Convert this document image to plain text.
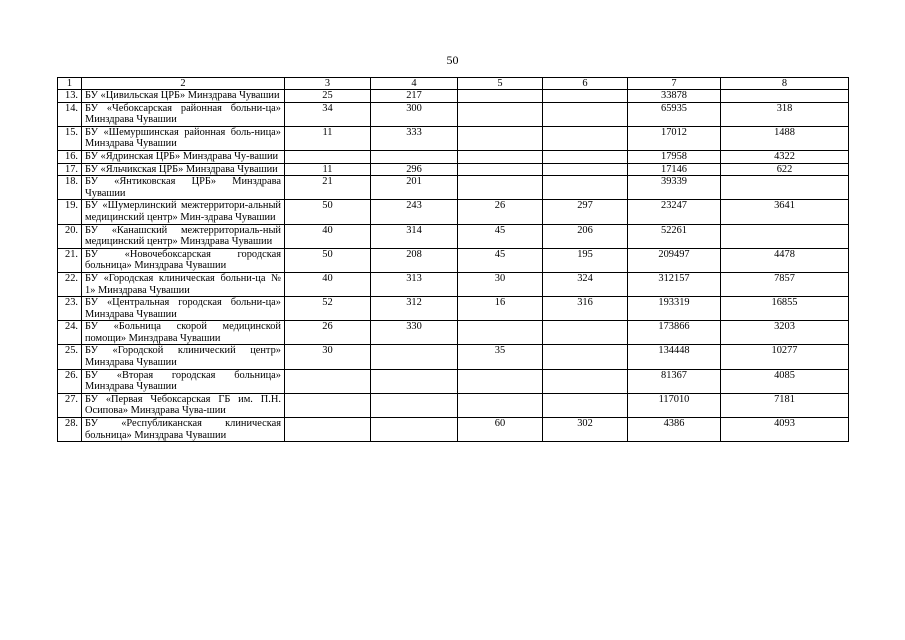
50
1	2	3	4	5	6	7	8
13.	БУ «Цивильская ЦРБ» Минздрава Чувашии	25	217			33878	
14.	БУ «Чебоксарская районная больни-ца» Минздрава Чувашии	34	300			65935	318
15.	БУ «Шемуршинская районная боль-ница» Минздрава Чувашии	11	333			17012	1488
16.	БУ «Ядринская ЦРБ» Минздрава Чу-вашии					17958	4322
17.	БУ «Яльчикская ЦРБ» Минздрава Чувашии	11	296			17146	622
18.	БУ «Янтиковская ЦРБ» Минздрава Чувашии	21	201			39339	
19.	БУ «Шумерлинский межтерритори-альный медицинский центр» Мин-здрава Чувашии	50	243	26	297	23247	3641
20.	БУ «Канашский межтерриториаль-ный медицинский центр» Минздрава Чувашии	40	314	45	206	52261	
21.	БУ «Новочебоксарская городская больница» Минздрава Чувашии	50	208	45	195	209497	4478
22.	БУ «Городская клиническая больни-ца № 1» Минздрава Чувашии	40	313	30	324	312157	7857
23.	БУ «Центральная городская больни-ца» Минздрава Чувашии	52	312	16	316	193319	16855
24.	БУ «Больница скорой медицинской помощи» Минздрава Чувашии	26	330			173866	3203
25.	БУ «Городской клинический центр» Минздрава Чувашии	30		35		134448	10277
26.	БУ «Вторая городская больница» Минздрава Чувашии					81367	4085
27.	БУ «Первая Чебоксарская ГБ им. П.Н. Осипова» Минздрава Чува-шии					117010	7181
28.	БУ «Республиканская клиническая больница» Минздрава Чувашии			60	302	4386	4093
